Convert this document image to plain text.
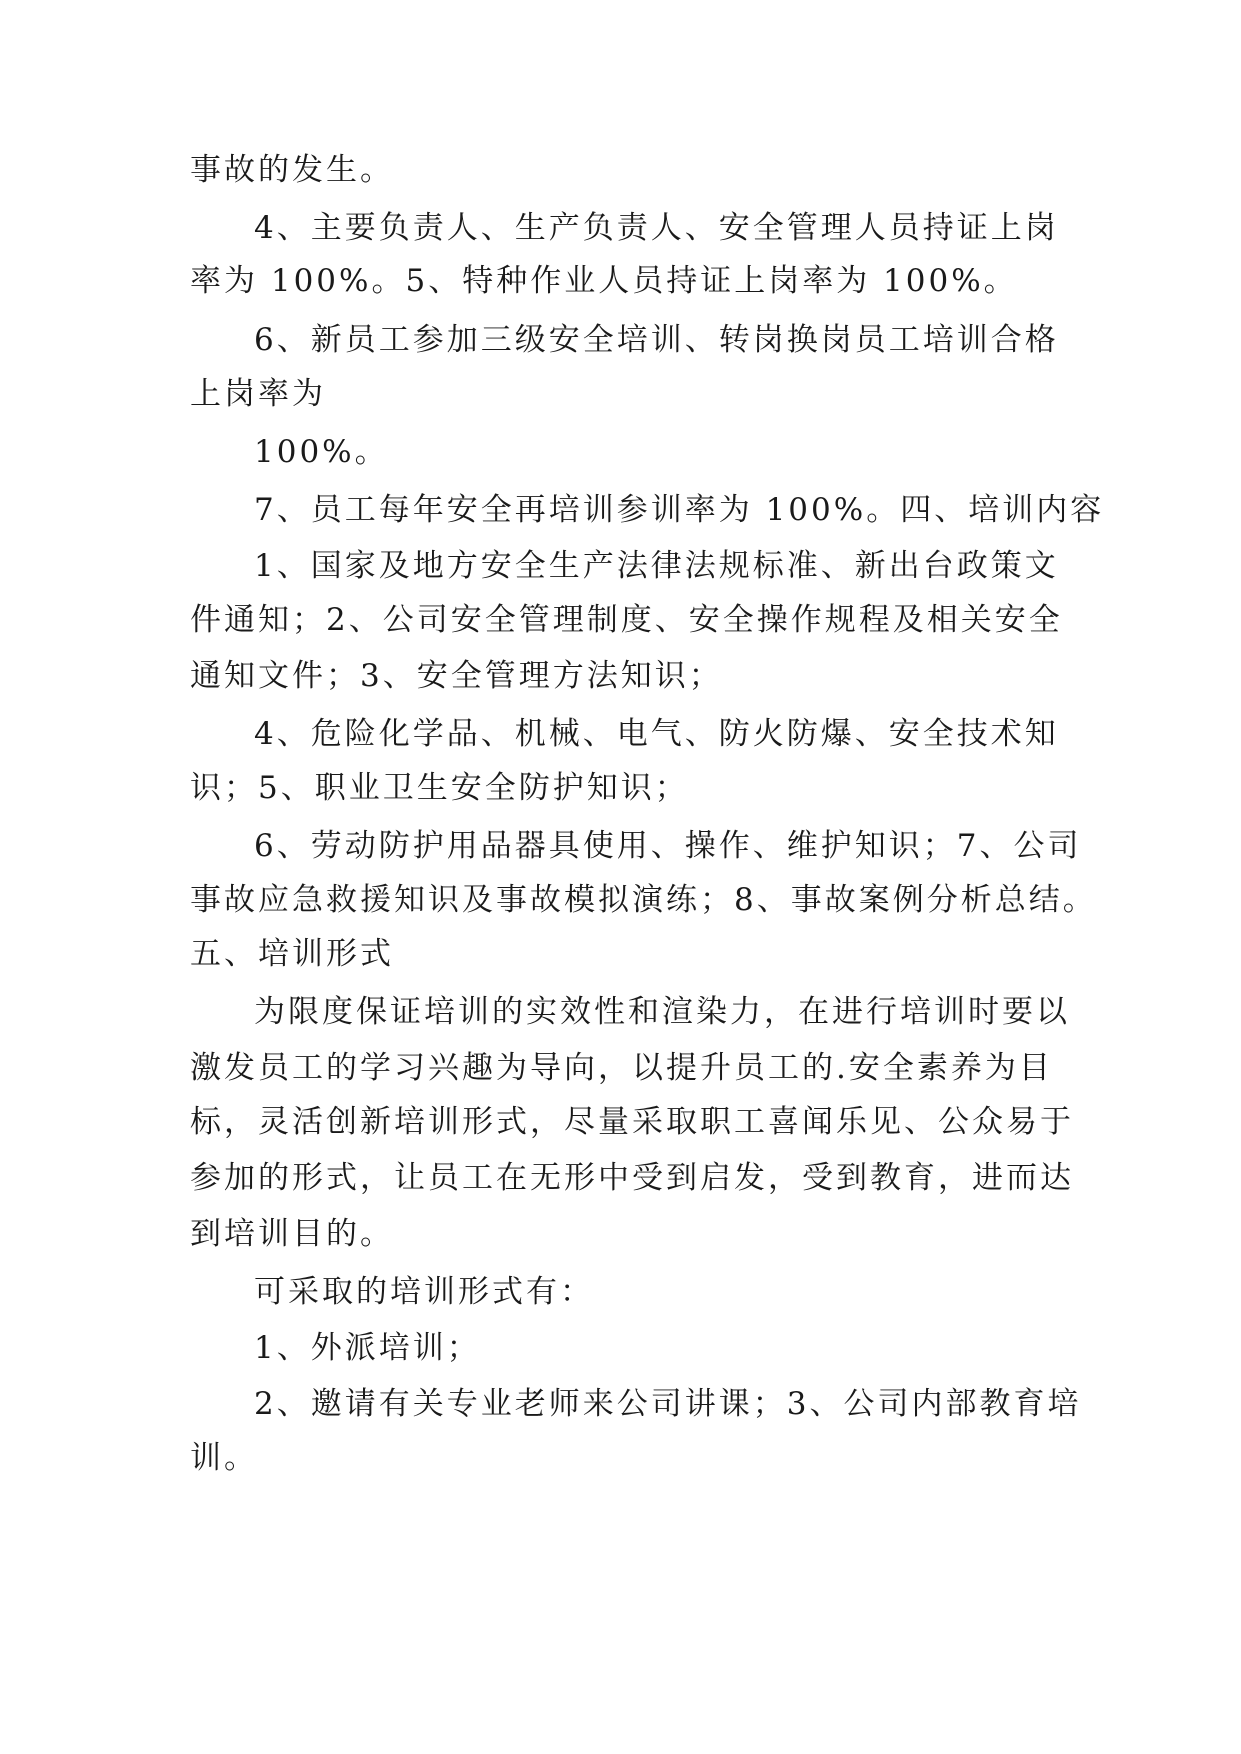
事故的发生。
4、主要负责人、生产负责人、安全管理人员持证上岗
率为 100%。5、特种作业人员持证上岗率为 100%。
6、新员工参加三级安全培训、转岗换岗员工培训合格
上岗率为
100%。
7、员工每年安全再培训参训率为 100%。四、培训内容
1、国家及地方安全生产法律法规标准、新出台政策文
件通知；2、公司安全管理制度、安全操作规程及相关安全
通知文件；3、安全管理方法知识；
4、危险化学品、机械、电气、防火防爆、安全技术知
识；5、职业卫生安全防护知识；
6、劳动防护用品器具使用、操作、维护知识；7、公司
事故应急救援知识及事故模拟演练；8、事故案例分析总结。
五、培训形式
为限度保证培训的实效性和渲染力，在进行培训时要以
激发员工的学习兴趣为导向，以提升员工的.安全素养为目
标，灵活创新培训形式，尽量采取职工喜闻乐见、公众易于
参加的形式，让员工在无形中受到启发，受到教育，进而达
到培训目的。
可采取的培训形式有：
1、外派培训；
2、邀请有关专业老师来公司讲课；3、公司内部教育培
训。
